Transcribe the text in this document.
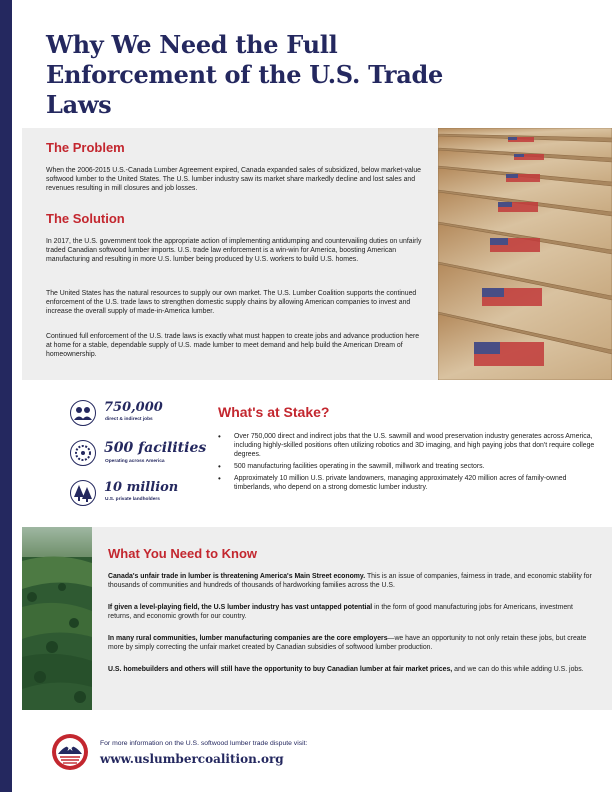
Why We Need the Full Enforcement of the U.S. Trade Laws
The Problem

When the 2006-2015 U.S.-Canada Lumber Agreement expired, Canada expanded sales of subsidized, below market-value softwood lumber to the United States. The U.S. lumber industry saw its market share markedly decline and lost sales and revenues resulting in mill closures and job losses.

The Solution

In 2017, the U.S. government took the appropriate action of implementing antidumping and countervailing duties on unfairly traded Canadian softwood lumber imports. U.S. trade law enforcement is a win-win for America, boosting American manufacturing and resulting in more U.S. lumber being produced by U.S. workers to build U.S. homes.

The United States has the natural resources to supply our own market. The U.S. Lumber Coalition supports the continued enforcement of the U.S. trade laws to strengthen domestic supply chains by allowing American companies to invest and increase the overall supply of made-in-America lumber.

Continued full enforcement of the U.S. trade laws is exactly what must happen to create jobs and advance production here at home for a stable, dependable supply of U.S. made lumber to meet demand and help build the American Dream of homeownership.

750,000
direct & indirect jobs
500 facilities
Operating across America
10 million
U.S. private landholders
What's at Stake?
• Over 750,000 direct and indirect jobs that the U.S. sawmill and wood preservation industry generates across America, including highly-skilled positions often utilizing robotics and 3D imaging, and high paying jobs that don't require college degrees.
• 500 manufacturing facilities operating in the sawmill, millwork and treating sectors.
• Approximately 10 million U.S. private landowners, managing approximately 420 million acres of family-owned timberlands, who depend on a strong domestic lumber industry.
What You Need to Know

Canada's unfair trade in lumber is threatening America's Main Street economy. This is an issue of companies, fairness in trade, and economic stability for thousands of communities and hundreds of thousands of hardworking families across the U.S.

If given a level-playing field, the U.S lumber industry has vast untapped potential in the form of good manufacturing jobs for Americans, investment returns, and economic growth for our country.

In many rural communities, lumber manufacturing companies are the core employers—we have an opportunity to not only retain these jobs, but create more by simply correcting the unfair market created by Canadian subsidies of softwood lumber production.

U.S. homebuilders and others will still have the opportunity to buy Canadian lumber at fair market prices, and we can do this while adding U.S. jobs.

For more information on the U.S. softwood lumber trade dispute visit:

www.uslumbercoalition.org
